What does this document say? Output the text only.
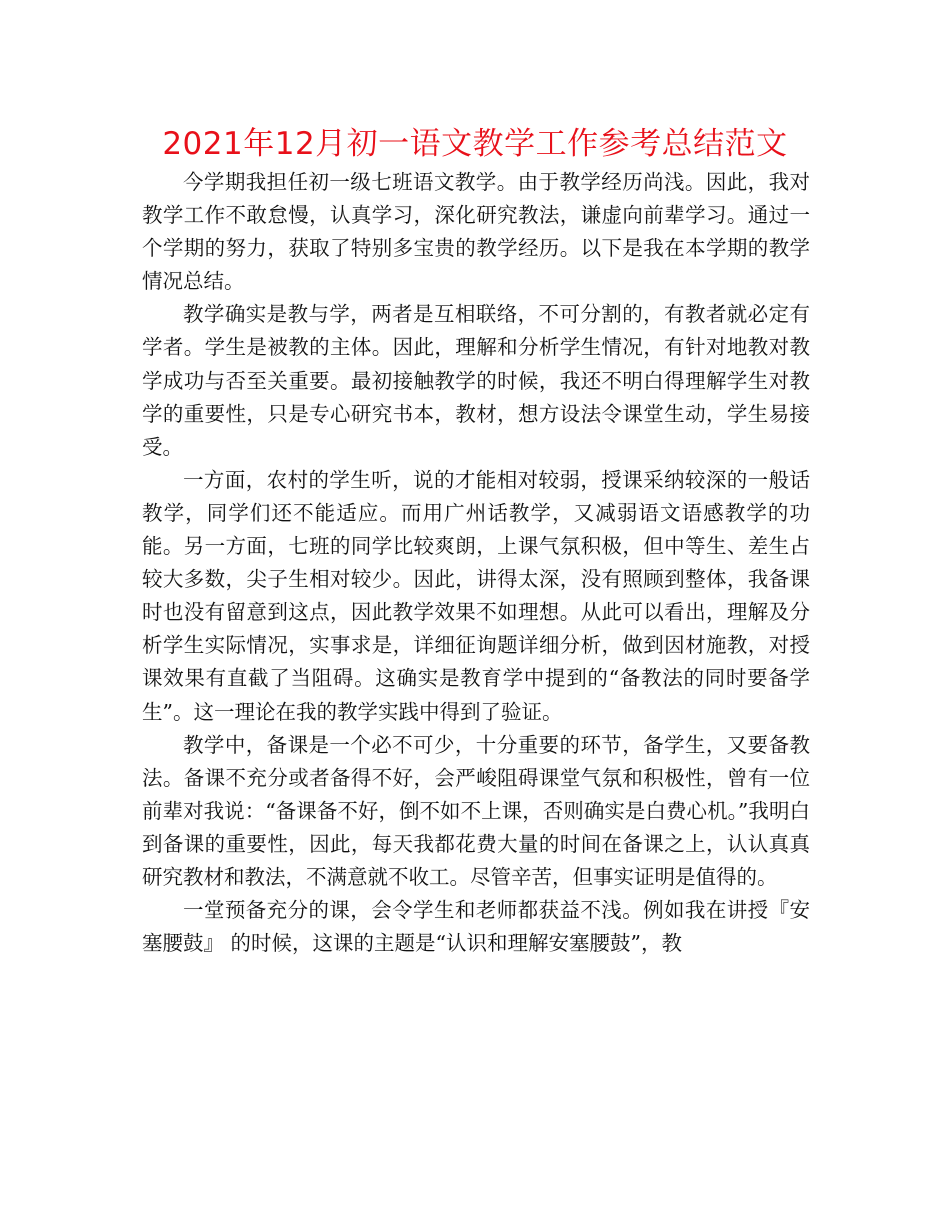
2021年12月初一语文教学工作参考总结范文

今学期我担任初一级七班语文教学。由于教学经历尚浅。因此，我对教学工作不敢怠慢，认真学习，深化研究教法，谦虚向前辈学习。通过一个学期的努力，获取了特别多宝贵的教学经历。以下是我在本学期的教学情况总结。

教学确实是教与学，两者是互相联络，不可分割的，有教者就必定有学者。学生是被教的主体。因此，理解和分析学生情况，有针对地教对教学成功与否至关重要。最初接触教学的时候，我还不明白得理解学生对教学的重要性，只是专心研究书本，教材，想方设法令课堂生动，学生易接受。

一方面，农村的学生听，说的才能相对较弱，授课采纳较深的一般话教学，同学们还不能适应。而用广州话教学，又减弱语文语感教学的功能。另一方面，七班的同学比较爽朗，上课气氛积极，但中等生、差生占较大多数，尖子生相对较少。因此，讲得太深，没有照顾到整体，我备课时也没有留意到这点，因此教学效果不如理想。从此可以看出，理解及分析学生实际情况，实事求是，详细征询题详细分析，做到因材施教，对授课效果有直截了当阻碍。这确实是教育学中提到的“备教法的同时要备学生”。这一理论在我的教学实践中得到了验证。

教学中，备课是一个必不可少，十分重要的环节，备学生，又要备教法。备课不充分或者备得不好，会严峻阻碍课堂气氛和积极性，曾有一位前辈对我说：“备课备不好，倒不如不上课，否则确实是白费心机。”我明白到备课的重要性，因此，每天我都花费大量的时间在备课之上，认认真真研究教材和教法，不满意就不收工。尽管辛苦，但事实证明是值得的。

一堂预备充分的课，会令学生和老师都获益不浅。例如我在讲授『安塞腰鼓』 的时候，这课的主题是“认识和理解安塞腰鼓”，教
